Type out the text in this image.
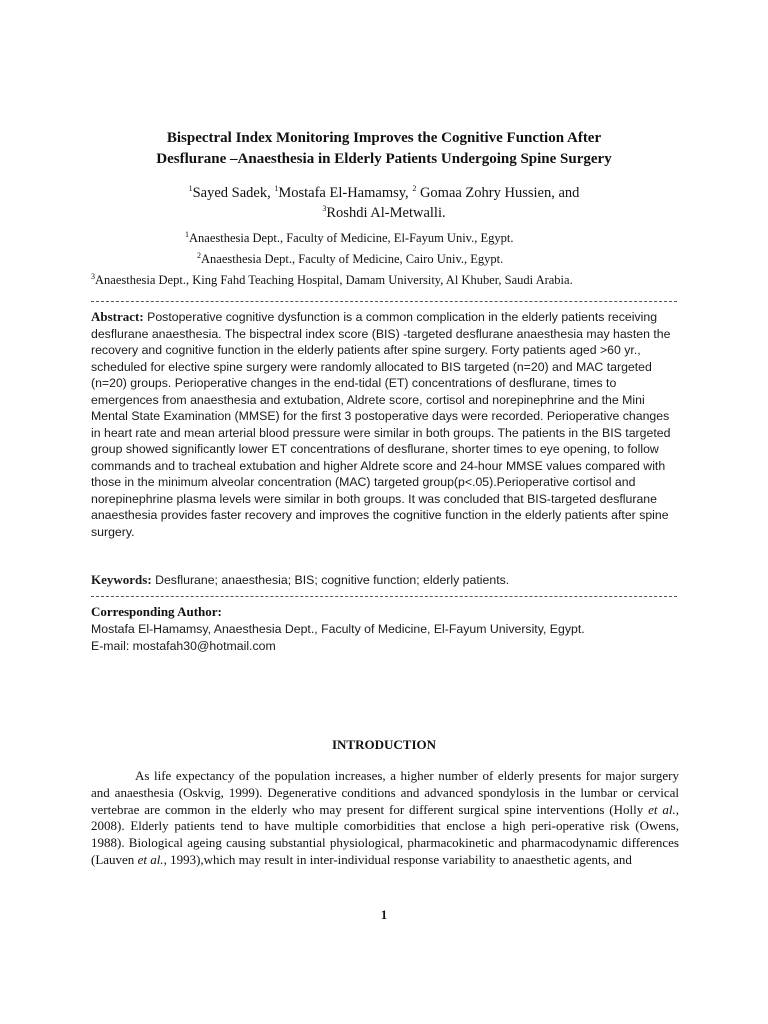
Bispectral Index Monitoring Improves the Cognitive Function After
Desflurane –Anaesthesia in Elderly Patients Undergoing Spine Surgery
$^1$Sayed Sadek, $^1$Mostafa El-Hamamsy, $^2$ Gomaa Zohry Hussien, and
$^3$Roshdi Al-Metwalli.
$^1$Anaesthesia Dept., Faculty of Medicine, El-Fayum Univ., Egypt.
$^2$Anaesthesia Dept., Faculty of Medicine, Cairo Univ., Egypt.
$^3$Anaesthesia Dept., King Fahd Teaching Hospital, Damam University, Al Khuber, Saudi Arabia.

Abstract: Postoperative cognitive dysfunction is a common complication in the elderly patients receiving desflurane anaesthesia. The bispectral index score (BIS) -targeted desflurane anaesthesia may hasten the recovery and cognitive function in the elderly patients after spine surgery. Forty patients aged >60 yr., scheduled for elective spine surgery were randomly allocated to BIS targeted (n=20) and MAC targeted (n=20) groups. Perioperative changes in the end-tidal (ET) concentrations of desflurane, times to emergences from anaesthesia and extubation, Aldrete score, cortisol and norepinephrine and the Mini Mental State Examination (MMSE) for the first 3 postoperative days were recorded. Perioperative changes in heart rate and mean arterial blood pressure were similar in both groups. The patients in the BIS targeted group showed significantly lower ET concentrations of desflurane, shorter times to eye opening, to follow commands and to tracheal extubation and higher Aldrete score and 24-hour MMSE values compared with those in the minimum alveolar concentration (MAC) targeted group(p<.05).Perioperative cortisol and norepinephrine plasma levels were similar in both groups. It was concluded that BIS-targeted desflurane anaesthesia provides faster recovery and improves the cognitive function in the elderly patients after spine surgery.

Keywords: Desflurane; anaesthesia; BIS; cognitive function; elderly patients.

Corresponding Author:
Mostafa El-Hamamsy, Anaesthesia Dept., Faculty of Medicine, El-Fayum University, Egypt.
E-mail: mostafah30@hotmail.com
INTRODUCTION

As life expectancy of the population increases, a higher number of elderly presents for major surgery and anaesthesia (Oskvig, 1999). Degenerative conditions and advanced spondylosis in the lumbar or cervical vertebrae are common in the elderly who may present for different surgical spine interventions (Holly et al., 2008). Elderly patients tend to have multiple comorbidities that enclose a high peri-operative risk (Owens, 1988). Biological ageing causing substantial physiological, pharmacokinetic and pharmacodynamic differences (Lauven et al., 1993),which may result in inter-individual response variability to anaesthetic agents, and

1
